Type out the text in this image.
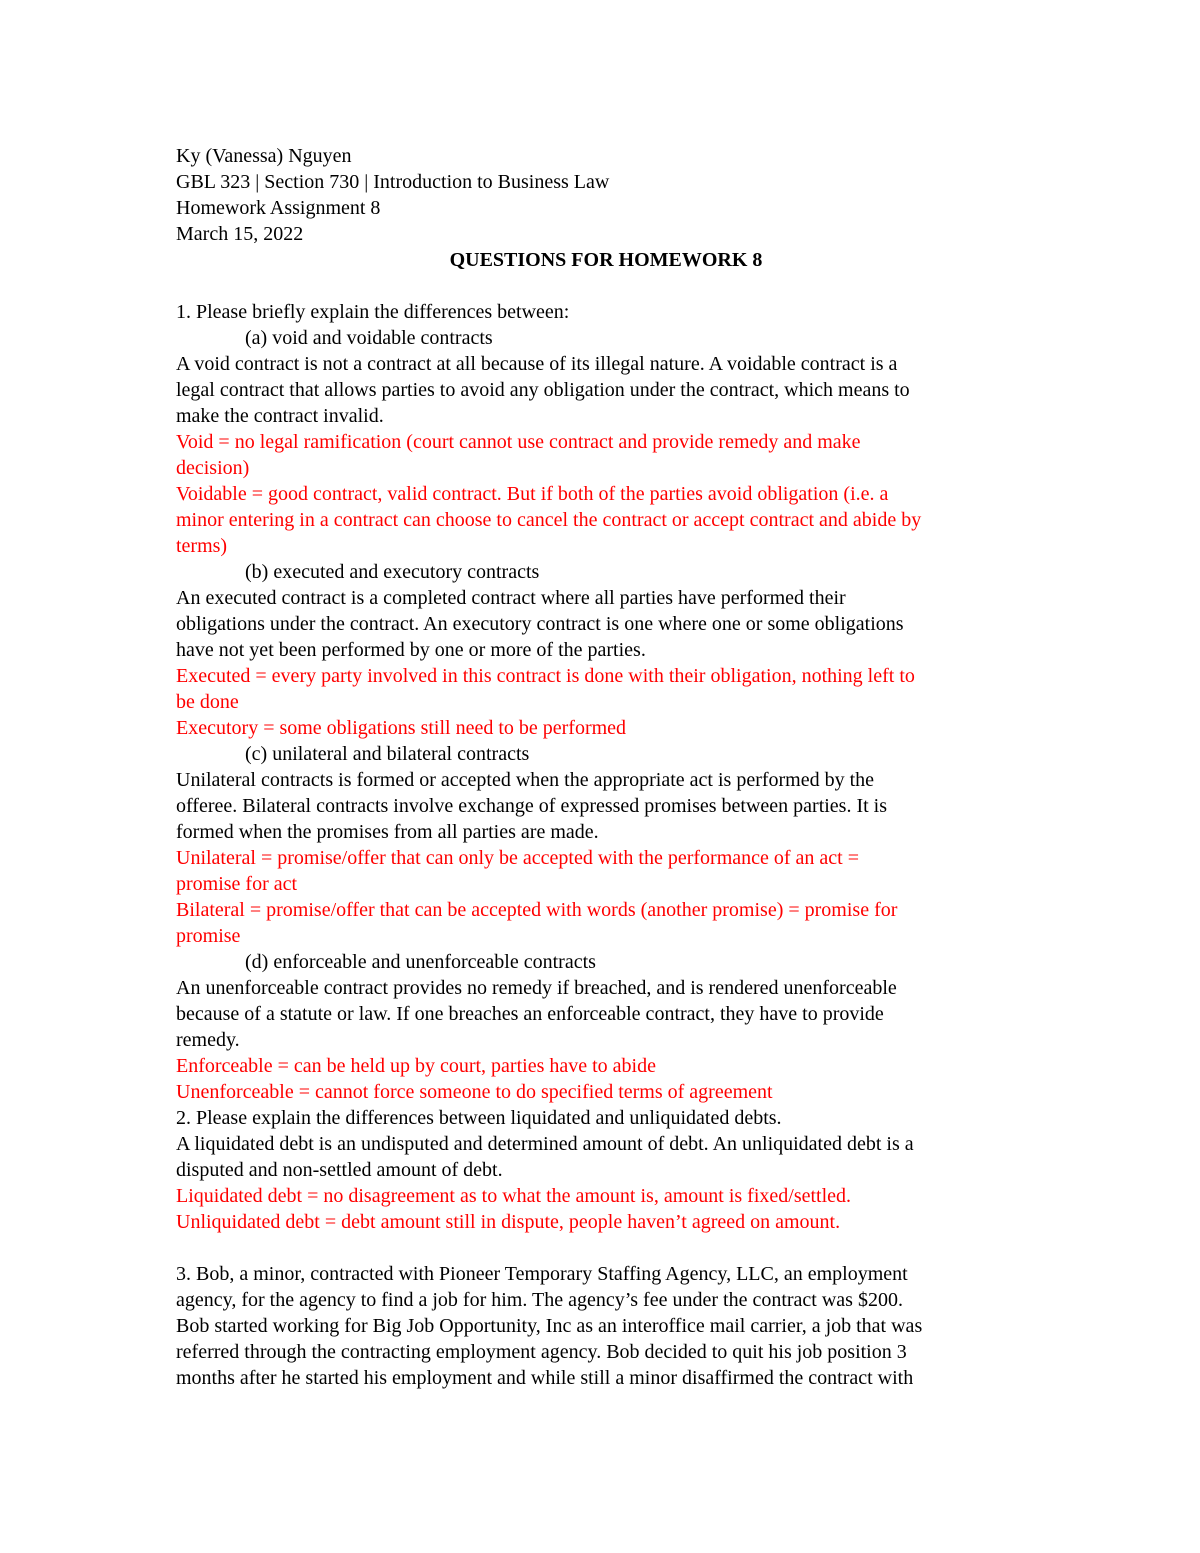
Ky (Vanessa) Nguyen
GBL 323 | Section 730 | Introduction to Business Law
Homework Assignment 8
March 15, 2022
QUESTIONS FOR HOMEWORK 8
1. Please briefly explain the differences between:
(a) void and voidable contracts
A void contract is not a contract at all because of its illegal nature. A voidable contract is a
legal contract that allows parties to avoid any obligation under the contract, which means to
make the contract invalid.
Void = no legal ramification (court cannot use contract and provide remedy and make
decision)
Voidable = good contract, valid contract. But if both of the parties avoid obligation (i.e. a
minor entering in a contract can choose to cancel the contract or accept contract and abide by
terms)
(b) executed and executory contracts
An executed contract is a completed contract where all parties have performed their
obligations under the contract. An executory contract is one where one or some obligations
have not yet been performed by one or more of the parties.
Executed = every party involved in this contract is done with their obligation, nothing left to
be done
Executory = some obligations still need to be performed
(c) unilateral and bilateral contracts
Unilateral contracts is formed or accepted when the appropriate act is performed by the
offeree. Bilateral contracts involve exchange of expressed promises between parties. It is
formed when the promises from all parties are made.
Unilateral = promise/offer that can only be accepted with the performance of an act =
promise for act
Bilateral = promise/offer that can be accepted with words (another promise) = promise for
promise
(d) enforceable and unenforceable contracts
An unenforceable contract provides no remedy if breached, and is rendered unenforceable
because of a statute or law. If one breaches an enforceable contract, they have to provide
remedy.
Enforceable = can be held up by court, parties have to abide
Unenforceable = cannot force someone to do specified terms of agreement
2. Please explain the differences between liquidated and unliquidated debts.
A liquidated debt is an undisputed and determined amount of debt. An unliquidated debt is a
disputed and non-settled amount of debt.
Liquidated debt = no disagreement as to what the amount is, amount is fixed/settled.
Unliquidated debt = debt amount still in dispute, people haven’t agreed on amount.
3. Bob, a minor, contracted with Pioneer Temporary Staffing Agency, LLC, an employment
agency, for the agency to find a job for him. The agency’s fee under the contract was $200.
Bob started working for Big Job Opportunity, Inc as an interoffice mail carrier, a job that was
referred through the contracting employment agency. Bob decided to quit his job position 3
months after he started his employment and while still a minor disaffirmed the contract with
